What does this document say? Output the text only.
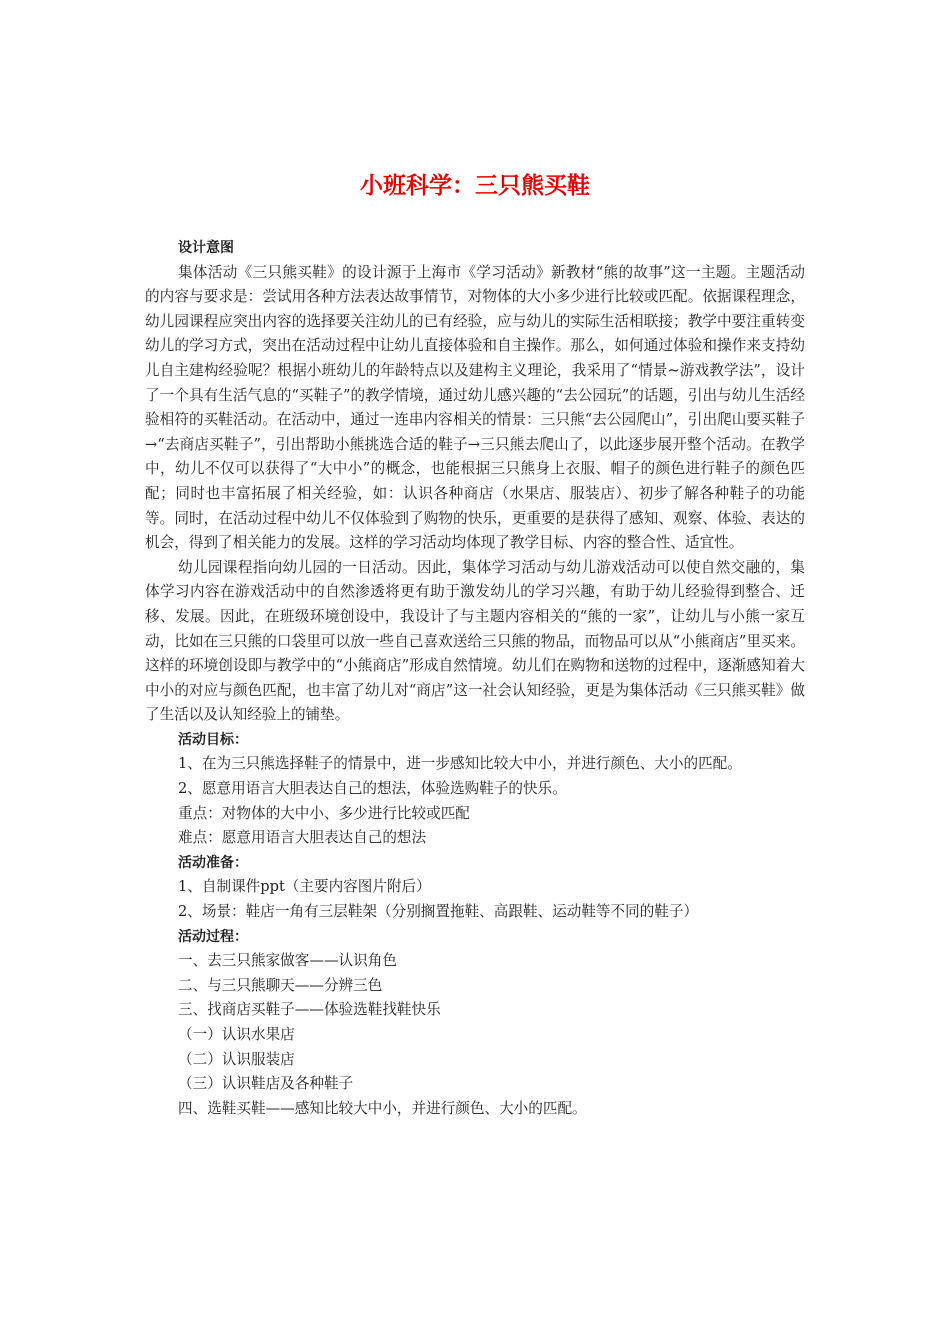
小班科学：三只熊买鞋

设计意图

集体活动《三只熊买鞋》的设计源于上海市《学习活动》新教材“熊的故事”这一主题。主题活动的内容与要求是：尝试用各种方法表达故事情节，对物体的大小多少进行比较或匹配。依据课程理念，幼儿园课程应突出内容的选择要关注幼儿的已有经验，应与幼儿的实际生活相联接；教学中要注重转变幼儿的学习方式，突出在活动过程中让幼儿直接体验和自主操作。那么，如何通过体验和操作来支持幼儿自主建构经验呢？根据小班幼儿的年龄特点以及建构主义理论，我采用了“情景~游戏教学法”，设计了一个具有生活气息的“买鞋子”的教学情境，通过幼儿感兴趣的“去公园玩”的话题，引出与幼儿生活经验相符的买鞋活动。在活动中，通过一连串内容相关的情景：三只熊“去公园爬山”，引出爬山要买鞋子→“去商店买鞋子”，引出帮助小熊挑选合适的鞋子→三只熊去爬山了，以此逐步展开整个活动。在教学中，幼儿不仅可以获得了“大中小”的概念，也能根据三只熊身上衣服、帽子的颜色进行鞋子的颜色匹配；同时也丰富拓展了相关经验，如：认识各种商店（水果店、服装店）、初步了解各种鞋子的功能等。同时，在活动过程中幼儿不仅体验到了购物的快乐，更重要的是获得了感知、观察、体验、表达的机会，得到了相关能力的发展。这样的学习活动均体现了教学目标、内容的整合性、适宜性。

幼儿园课程指向幼儿园的一日活动。因此，集体学习活动与幼儿游戏活动可以使自然交融的，集体学习内容在游戏活动中的自然渗透将更有助于激发幼儿的学习兴趣，有助于幼儿经验得到整合、迁移、发展。因此，在班级环境创设中，我设计了与主题内容相关的“熊的一家”，让幼儿与小熊一家互动，比如在三只熊的口袋里可以放一些自己喜欢送给三只熊的物品，而物品可以从“小熊商店”里买来。这样的环境创设即与教学中的“小熊商店”形成自然情境。幼儿们在购物和送物的过程中，逐渐感知着大中小的对应与颜色匹配，也丰富了幼儿对“商店”这一社会认知经验，更是为集体活动《三只熊买鞋》做了生活以及认知经验上的铺垫。

活动目标：

1、在为三只熊选择鞋子的情景中，进一步感知比较大中小，并进行颜色、大小的匹配。

2、愿意用语言大胆表达自己的想法，体验选购鞋子的快乐。

重点：对物体的大中小、多少进行比较或匹配

难点：愿意用语言大胆表达自己的想法

活动准备：

1、自制课件ppt（主要内容图片附后）

2、场景：鞋店一角有三层鞋架（分别搁置拖鞋、高跟鞋、运动鞋等不同的鞋子）

活动过程：

一、去三只熊家做客——认识角色

二、与三只熊聊天——分辨三色

三、找商店买鞋子——体验选鞋找鞋快乐

（一）认识水果店

（二）认识服装店

（三）认识鞋店及各种鞋子

四、选鞋买鞋——感知比较大中小，并进行颜色、大小的匹配。
